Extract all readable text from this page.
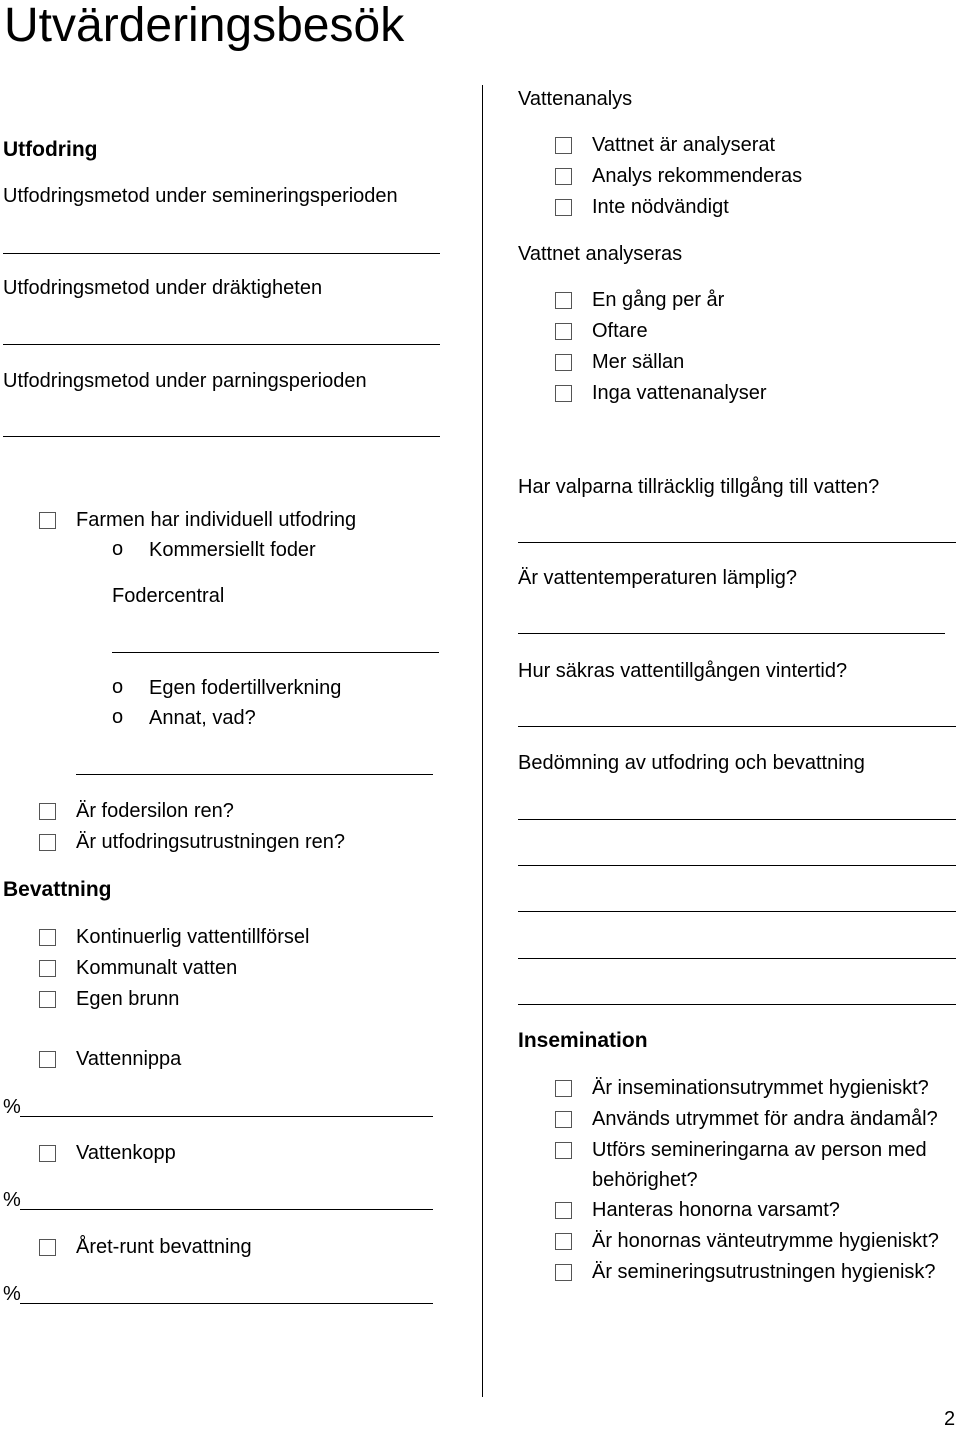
Utvärderingsbesök
Utfodring
Utfodringsmetod under semineringsperioden
Utfodringsmetod under dräktigheten
Utfodringsmetod under parningsperioden
Farmen har individuell utfodring
o Kommersiellt foder
Fodercentral
o Egen fodertillverkning
o Annat, vad?
Är fodersilon ren?
Är utfodringsutrustningen ren?
Bevattning
Kontinuerlig vattentillförsel
Kommunalt vatten
Egen brunn
Vattennippa
%
Vattenkopp
%
Året-runt bevattning
%
Vattenanalys
Vattnet är analyserat
Analys rekommenderas
Inte nödvändigt
Vattnet analyseras
En gång per år
Oftare
Mer sällan
Inga vattenanalyser
Har valparna tillräcklig tillgång till vatten?
Är vattentemperaturen lämplig?
Hur säkras vattentillgången vintertid?
Bedömning av utfodring och bevattning
Insemination
Är inseminationsutrymmet hygieniskt?
Används utrymmet för andra ändamål?
Utförs semineringarna av person med
behörighet?
Hanteras honorna varsamt?
Är honornas vänteutrymme hygieniskt?
Är semineringsutrustningen hygienisk?
2
